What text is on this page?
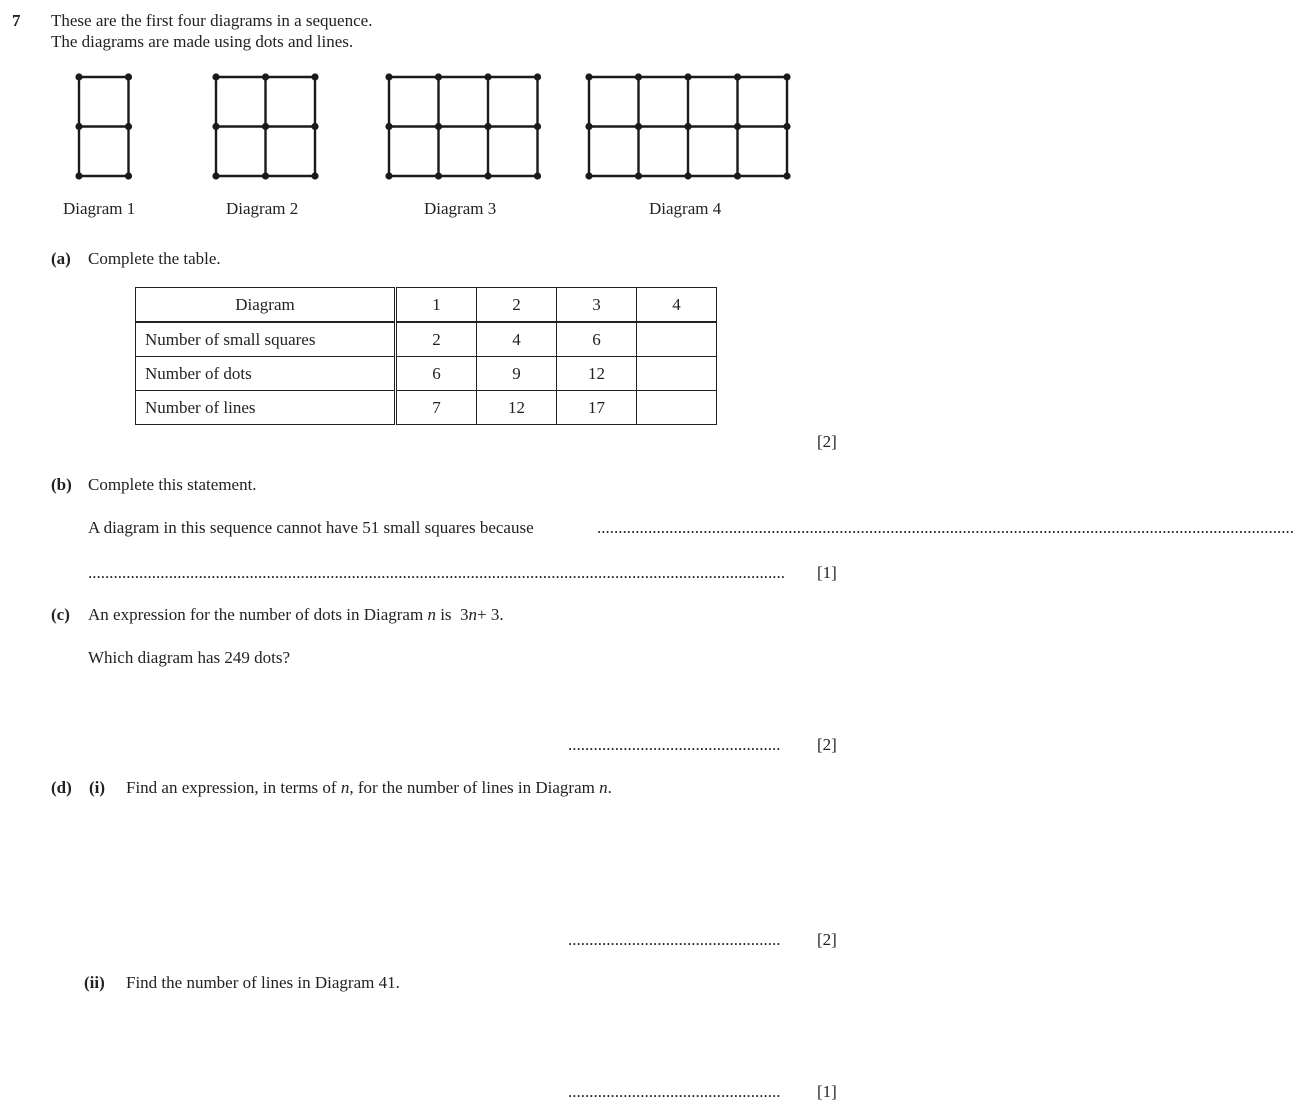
7 These are the first four diagrams in a sequence.
The diagrams are made using dots and lines.
Diagram 1	Diagram 2	Diagram 3	Diagram 4
(a) Complete the table.
Diagram	1	2	3	4
Number of small squares	2	4	6	
Number of dots	6	9	12	
Number of lines	7	12	17	
[2]
(b) Complete this statement.
A diagram in this sequence cannot have 51 small squares because	....................................................................................................................................................................
....................................................................................................................................................................	[1]
(c) An expression for the number of dots in Diagram n is 3n+ 3.
Which diagram has 249 dots?
..................................................	[2]
(d) (i) Find an expression, in terms of n, for the number of lines in Diagram n.
..................................................	[2]
(ii) Find the number of lines in Diagram 41.
..................................................	[1]
